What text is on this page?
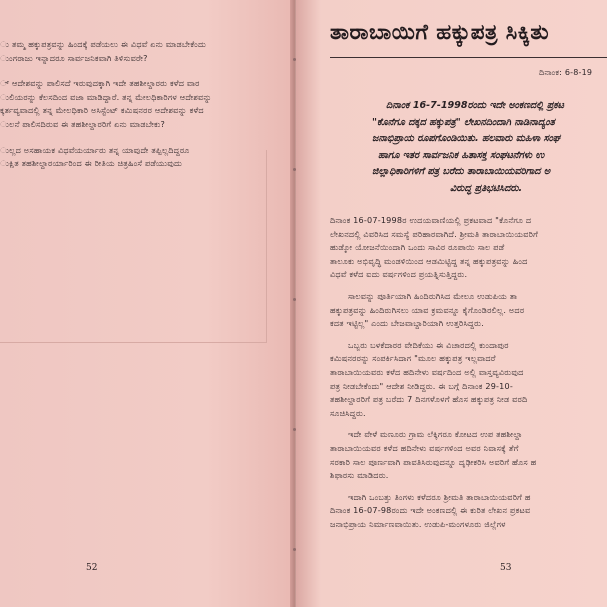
ು ತಮ್ಮ ಹಕ್ಕುಪತ್ರವನ್ನು ಹಿಂದಕ್ಕೆ ಪಡೆಯಲು ಈ ವಿಧವೆ ಏನು ಮಾಡಬೇಕೆಂದು
ುಂಗರಾಜು ಇನ್ನಾದರೂ ಸಾರ್ವಜನಿಕವಾಗಿ ತಿಳಿಸುವರೇ?
್ ಆದೇಶವನ್ನು ಪಾಲಿಸದೆ ಇರುವುದಕ್ಕಾಗಿ ಇದೇ ತಹಶೀಲ್ದಾರರು ಕಳೆದ ವಾರ
ುಲಿಯರನ್ನು ಕೆಲಸದಿಂದ ವಜಾ ಮಾಡಿದ್ದಾರೆ. ತನ್ನ ಮೇಲಧಿಕಾರಿಗಳ ಆದೇಶವನ್ನು
ಕ್ಕರ್ತವ್ಯವಾದಲ್ಲಿ ತನ್ನ ಮೇಲಧಿಕಾರಿ ಅಸಿಸ್ಟೆಂಟ್ ಕಮಿಷನರರ ಆದೇಶವನ್ನು ಕಳೆದ
ುಲನೆ ಪಾಲಿಸದಿರುವ ಈ ತಹಶೀಲ್ದಾರರಿಗೆ ಏನು ಮಾಡಬೇಕು?
ುಲ್ಲದ ಅಸಹಾಯಕ ವಿಧವೆಯರ್ಯಾರು ತನ್ನ ಯಾವುದೇ ತಪ್ಪಿಲ್ಲದಿದ್ದರೂ
ುಕ್ಷಿತ ತಹಶೀಲ್ದಾರರ್ಯಾರಿಂದ ಈ ರೀತಿಯ ಚಿತ್ರಹಿಂಸೆ ಪಡೆಯುವುದು
52
ತಾರಾಬಾಯಿಗೆ ಹಕ್ಕುಪತ್ರ ಸಿಕ್ಕಿತು
ದಿನಾಂಕ: 6-8-19
ದಿನಾಂಕ 16-7-1998ರಂದು ಇದೇ ಅಂಕಣದಲ್ಲಿ ಪ್ರಕಟ
"ಕೊನೆಗೂ ದಕ್ಕದ ಹಕ್ಕುಪತ್ರ" ಲೇಖನದಿಂದಾಗಿ ನಾಡಿನಾದ್ಯಂತ
ಜನಾಭಿಪ್ರಾಯ ರೂಪಗೊಂಡಿಯಿತು. ಹಲವಾರು ಮಹಿಳಾ ಸಂಘ
ಹಾಗೂ ಇತರ ಸಾರ್ವಜನಿಕ ಹಿತಾಸಕ್ತ ಸಂಘಟನೆಗಳು ಉ
ಜಿಲ್ಲಾಧಿಕಾರಿಗಳಿಗೆ ಪತ್ರ ಬರೆದು ತಾರಾಬಾಯಿಯವರಿಗಾದ ಅ
ವಿರುದ್ಧ ಪ್ರತಿಭಟಿಸಿದರು.
ದಿನಾಂಕ 16-07-1998ರ ಉದಯವಾಣಿಯಲ್ಲಿ ಪ್ರಕಟವಾದ "ಕೊನೆಗೂ ದ
ಲೇಖನದಲ್ಲಿ ವಿವರಿಸಿದ ಸಮಸ್ಯೆ ಪರಿಹಾರವಾಗಿದೆ. ಶ್ರೀಮತಿ ತಾರಾಬಾಯಿಯವರಿಗೆ
ಹುಡ್ಕೋ ಯೋಜನೆಯಿಂದಾಗಿ ಒಂದು ಸಾವಿರ ರೂಪಾಯಿ ಸಾಲ ಪಡೆ
ತಾಲೂಕು ಅಭಿವೃದ್ಧಿ ಮಂಡಳಿಯಿಂದ ಆಡಮಿಟ್ಟಿದ್ದ ತನ್ನ ಹಕ್ಕುಪತ್ರವನ್ನು ಹಿಂದ
ವಿಧವೆ ಕಳೆದ ಐದು ವರ್ಷಗಳಿಂದ ಪ್ರಯತ್ನಿಸುತ್ತಿದ್ದರು.
ಸಾಲವನ್ನು ಪೂರ್ತಿಯಾಗಿ ಹಿಂದಿರುಗಿಸಿದ ಮೇಲೂ ಉಡುಪಿಯ ತಾ
ಹಕ್ಕುಪತ್ರವನ್ನು ಹಿಂದಿರುಗಿಸಲು ಯಾವ ಕ್ರಮವನ್ನೂ ಕೈಗೊಂಡಿರಲಿಲ್ಲ. ಅದರ
ಕದತ ಇಟ್ಟಿಲ್ಲ" ಎಂದು ಬೇಜವಾಬ್ದಾರಿಯಾಗಿ ಉತ್ತರಿಸಿದ್ದರು.
ಒಬ್ಬರು ಬಳಕೆದಾರರ ವೇದಿಕೆಯು ಈ ವಿಚಾರದಲ್ಲಿ ಕುಂದಾಪುರ
ಕಮಿಷನರರನ್ನು ಸಂಪರ್ಕಿಸಿದಾಗ "ಮೂಲ ಹಕ್ಕುಪತ್ರ ಇಲ್ಲವಾದರೆ
ತಾರಾಬಾಯಿಯವರು ಕಳೆದ ಹದಿನೇಳು ವರ್ಷದಿಂದ ಅಲ್ಲಿ ವಾಸ್ತವ್ಯವಿರುವುದ
ಪತ್ರ ನೀಡಬೇಕೆಂದು" ಆದೇಶ ನೀಡಿದ್ದರು. ಈ ಬಗ್ಗೆ ದಿನಾಂಕ 29-10-
ತಹಶೀಲ್ದಾರರಿಗೆ ಪತ್ರ ಬರೆದು 7 ದಿನಗಳೊಳಗೆ ಹೊಸ ಹಕ್ಕುಪತ್ರ ನೀಡ ವರದಿ
ಸೂಚಿಸಿದ್ದರು.
ಇದೇ ವೇಳೆ ಮಣೂರು ಗ್ರಾಮ ಲೆಕ್ಕಿಗರೂ ಕೋಟದ ಉಪ ತಹಶೀಲ್ದಾ
ತಾರಾಬಾಯಿಯವರ ಕಳೆದ ಹದಿನೇಳು ವರ್ಷಗಳಿಂದ ಅವರ ನಿವಾಸಕ್ಕೆ ತೆಗೆ
ಸರಕಾರಿ ಸಾಲ ಪೂರ್ಣವಾಗಿ ಪಾವತಿಸಿರುವುದನ್ನೂ ದೃಢೀಕರಿಸಿ ಅವರಿಗೆ ಹೊಸ ಹ
ಶಿಫಾರಸು ಮಾಡಿದರು.
ಇದಾಗಿ ಒಂಬತ್ತು ತಿಂಗಳು ಕಳೆದರೂ ಶ್ರೀಮತಿ ತಾರಾಬಾಯಿಯವರಿಗೆ ಹ
ದಿನಾಂಕ 16-07-98ರಂದು ಇದೇ ಅಂಕಣದಲ್ಲಿ ಈ ಕುರಿತ ಲೇಖನ ಪ್ರಕಟವ
ಜನಾಭಿಪ್ರಾಯ ನಿರ್ಮಾಣವಾಯಿತು. ಉಡುಪಿ-ಮಂಗಳೂರು ಜಿಲ್ಲೆಗಳ
53
